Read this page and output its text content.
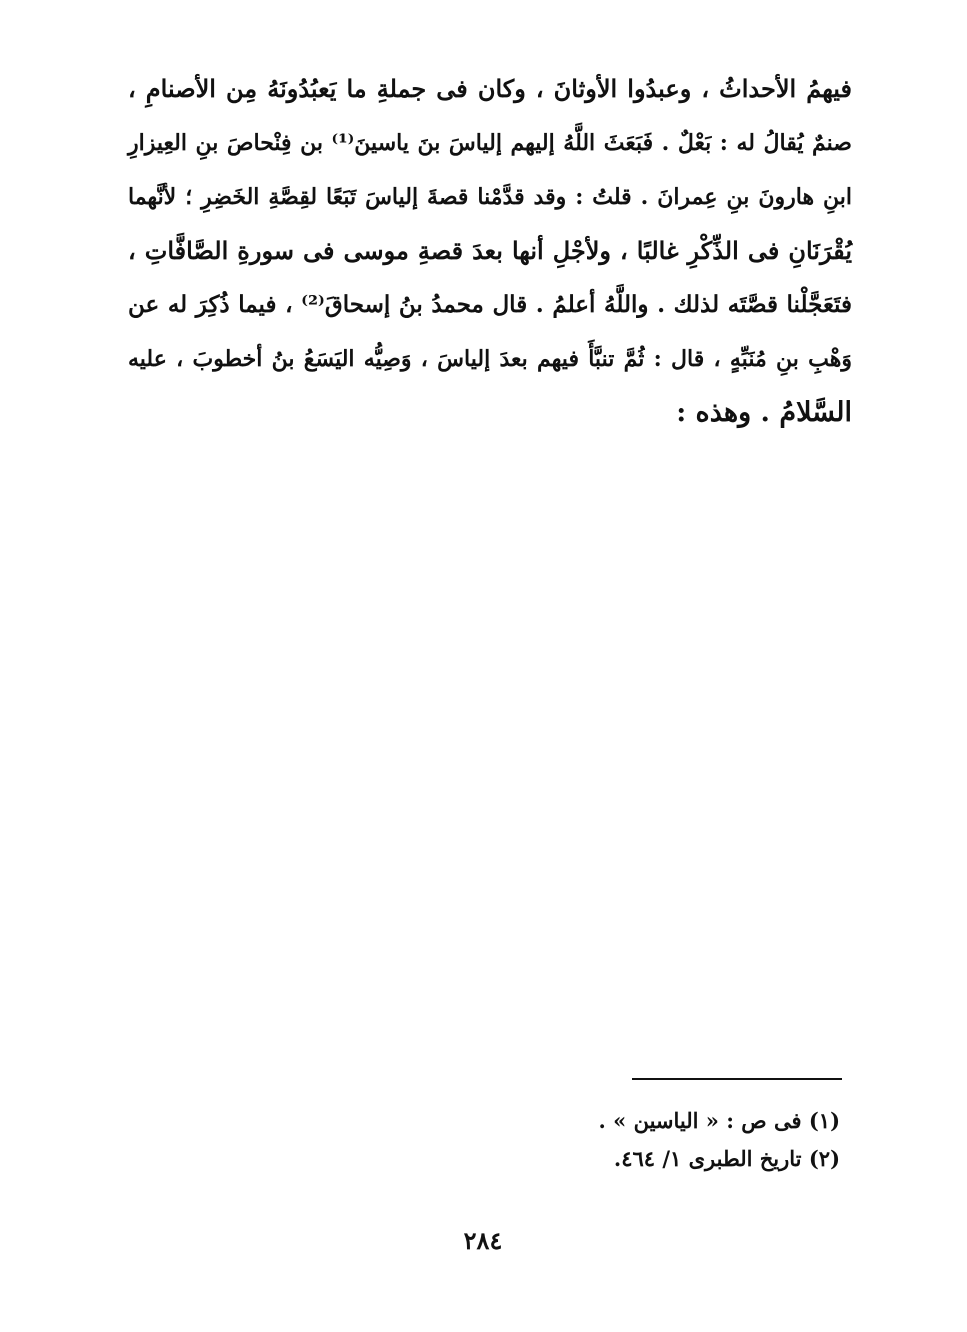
فيهمُ الأحداثُ ، وعبدُوا الأوثانَ ، وكان فى جملةِ ما يَعبُدُونَهُ مِن الأصنامِ ،
صنمٌ يُقالُ له : بَعْلٌ . فَبَعَثَ اللَّهُ إليهم إلياسَ بنَ ياسينَ⁽¹⁾ بن فِنْحاصَ بنِ العِيزارِ
ابنِ هارونَ بنِ عِمرانَ . قلتُ : وقد قدَّمْنا قصةَ إلياسَ تَبَعًا لقِصَّةِ الخَضِرِ ؛ لأنَّهما
يُقْرَنَانِ فى الذِّكْرِ غالبًا ، ولأجْلِ أنها بعدَ قصةِ موسى فى سورةِ الصَّافَّاتِ ،
فتَعَجَّلْنا قصَّتَه لذلك . واللَّهُ أعلمُ . قال محمدُ بنُ إسحاقَ⁽²⁾ ، فيما ذُكِرَ له عن
وَهْبِ بنِ مُنَبِّهٍ ، قال : ثُمَّ تنبَّأَ فيهم بعدَ إلياسَ ، وَصِيُّه اليَسَعُ بنُ أخطوبَ ، عليه
السَّلامُ . وهذه :
(١) فى ص : « الياسين » .
(٢) تاريخ الطبرى ١/ ٤٦٤.
٢٨٤
